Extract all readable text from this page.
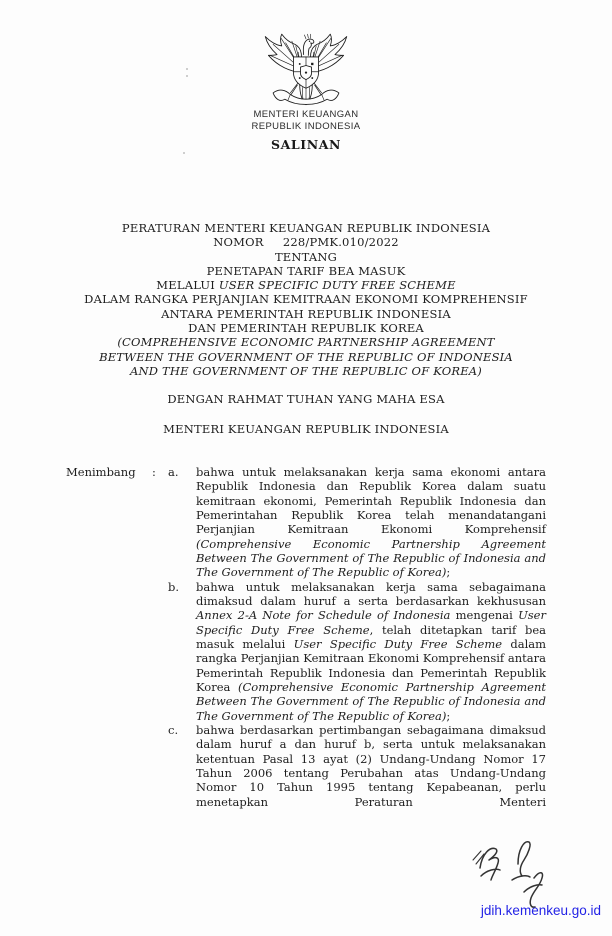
MENTERI KEUANGAN
REPUBLIK INDONESIA
SALINAN
PERATURAN MENTERI KEUANGAN REPUBLIK INDONESIA
NOMOR     228/PMK.010/2022
TENTANG
PENETAPAN TARIF BEA MASUK
MELALUI USER SPECIFIC DUTY FREE SCHEME
DALAM RANGKA PERJANJIAN KEMITRAAN EKONOMI KOMPREHENSIF
ANTARA PEMERINTAH REPUBLIK INDONESIA
DAN PEMERINTAH REPUBLIK KOREA
(COMPREHENSIVE ECONOMIC PARTNERSHIP AGREEMENT
BETWEEN THE GOVERNMENT OF THE REPUBLIC OF INDONESIA
AND THE GOVERNMENT OF THE REPUBLIC OF KOREA)
DENGAN RAHMAT TUHAN YANG MAHA ESA
MENTERI KEUANGAN REPUBLIK INDONESIA
Menimbang	:	a.	bahwa untuk melaksanakan kerja sama ekonomi antara Republik Indonesia dan Republik Korea dalam suatu kemitraan ekonomi, Pemerintah Republik Indonesia dan Pemerintahan Republik Korea telah menandatangani Perjanjian Kemitraan Ekonomi Komprehensif (Comprehensive Economic Partnership Agreement Between The Government of The Republic of Indonesia and The Government of The Republic of Korea);
b.	bahwa untuk melaksanakan kerja sama sebagaimana dimaksud dalam huruf a serta berdasarkan kekhususan Annex 2-A Note for Schedule of Indonesia mengenai User Specific Duty Free Scheme, telah ditetapkan tarif bea masuk melalui User Specific Duty Free Scheme dalam rangka Perjanjian Kemitraan Ekonomi Komprehensif antara Pemerintah Republik Indonesia dan Pemerintah Republik Korea (Comprehensive Economic Partnership Agreement Between The Government of The Republic of Indonesia and The Government of The Republic of Korea);
c.	bahwa berdasarkan pertimbangan sebagaimana dimaksud dalam huruf a dan huruf b, serta untuk melaksanakan ketentuan Pasal 13 ayat (2) Undang-Undang Nomor 17 Tahun 2006 tentang Perubahan atas Undang-Undang Nomor 10 Tahun 1995 tentang Kepabeanan, perlu menetapkan Peraturan Menteri
jdih.kemenkeu.go.id
